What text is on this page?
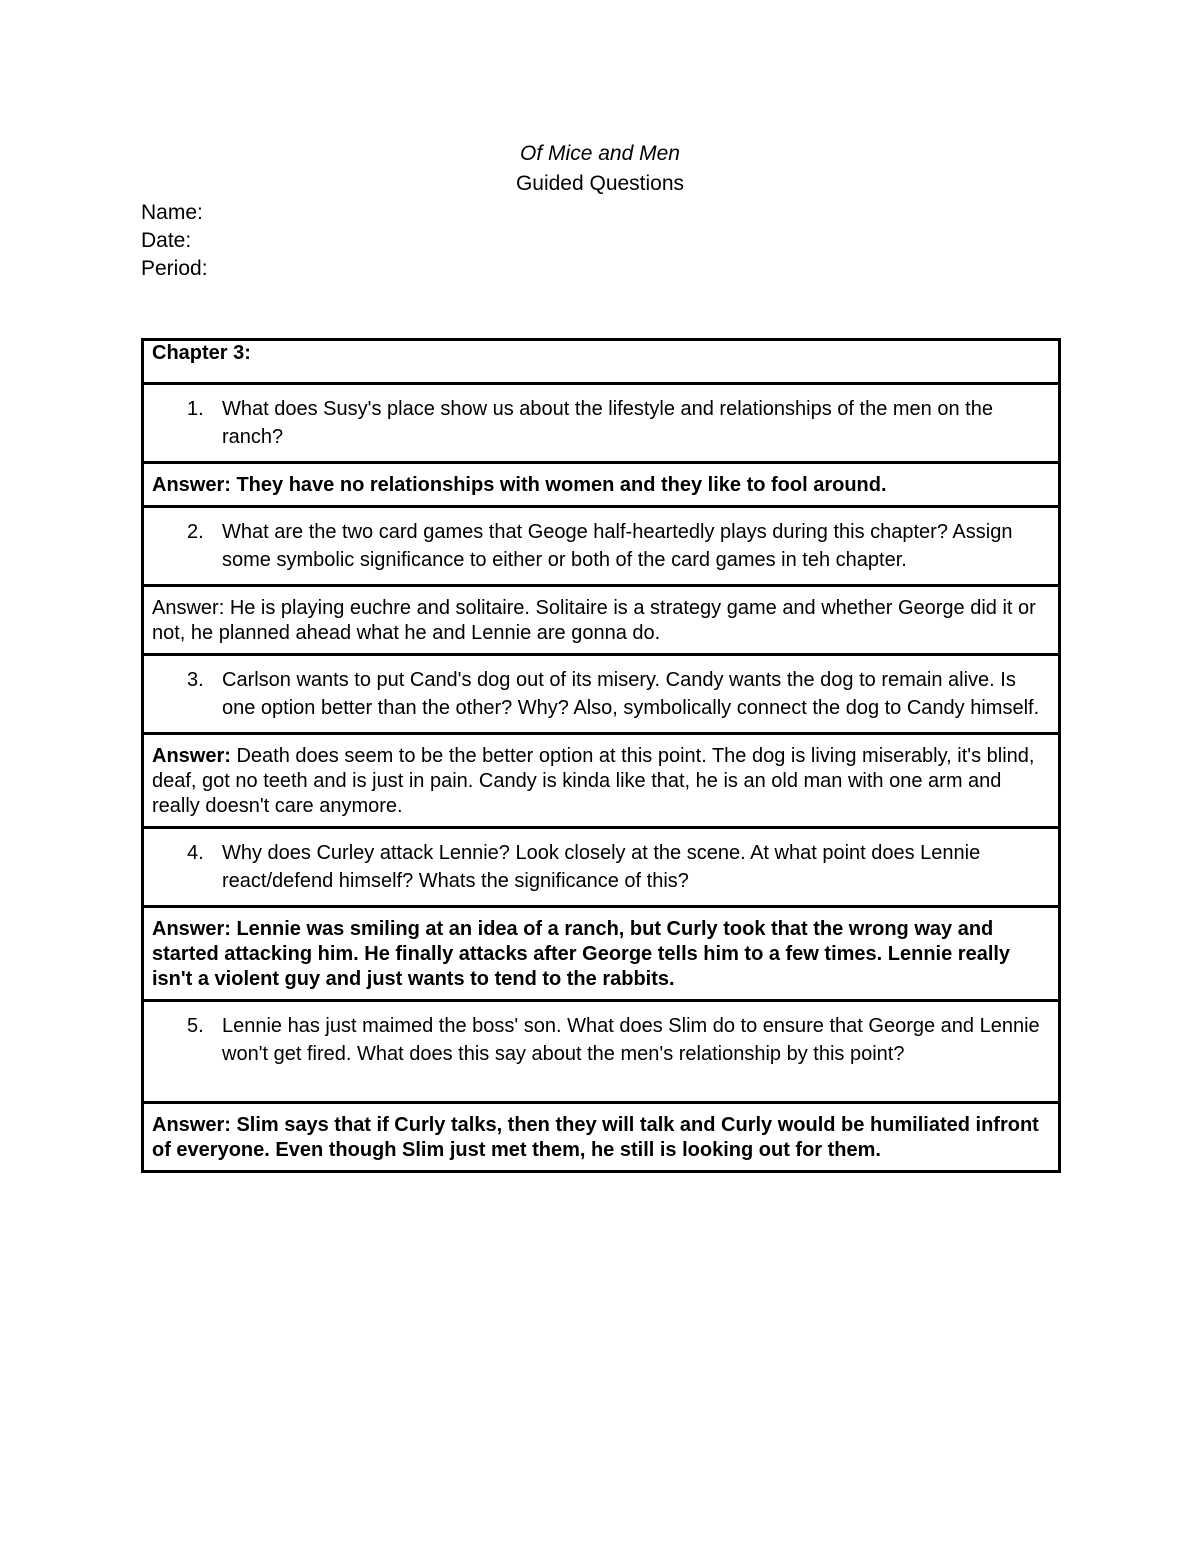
Of Mice and Men
Guided Questions
Name:
Date:
Period:
Chapter 3:

1. What does Susy's place show us about the lifestyle and relationships of the men on the ranch?

Answer: They have no relationships with women and they like to fool around.

2. What are the two card games that Geoge half-heartedly plays during this chapter? Assign some symbolic significance to either or both of the card games in teh chapter.

Answer: He is playing euchre and solitaire. Solitaire is a strategy game and whether George did it or not, he planned ahead what he and Lennie are gonna do.

3. Carlson wants to put Cand's dog out of its misery. Candy wants the dog to remain alive. Is one option better than the other? Why? Also, symbolically connect the dog to Candy himself.

Answer: Death does seem to be the better option at this point. The dog is living miserably, it's blind, deaf, got no teeth and is just in pain. Candy is kinda like that, he is an old man with one arm and really doesn't care anymore.

4. Why does Curley attack Lennie? Look closely at the scene. At what point does Lennie react/defend himself? Whats the significance of this?

Answer: Lennie was smiling at an idea of a ranch, but Curly took that the wrong way and started attacking him. He finally attacks after George tells him to a few times. Lennie really isn't a violent guy and just wants to tend to the rabbits.

5. Lennie has just maimed the boss' son. What does Slim do to ensure that George and Lennie won't get fired. What does this say about the men's relationship by this point?

Answer: Slim says that if Curly talks, then they will talk and Curly would be humiliated infront of everyone. Even though Slim just met them, he still is looking out for them.
